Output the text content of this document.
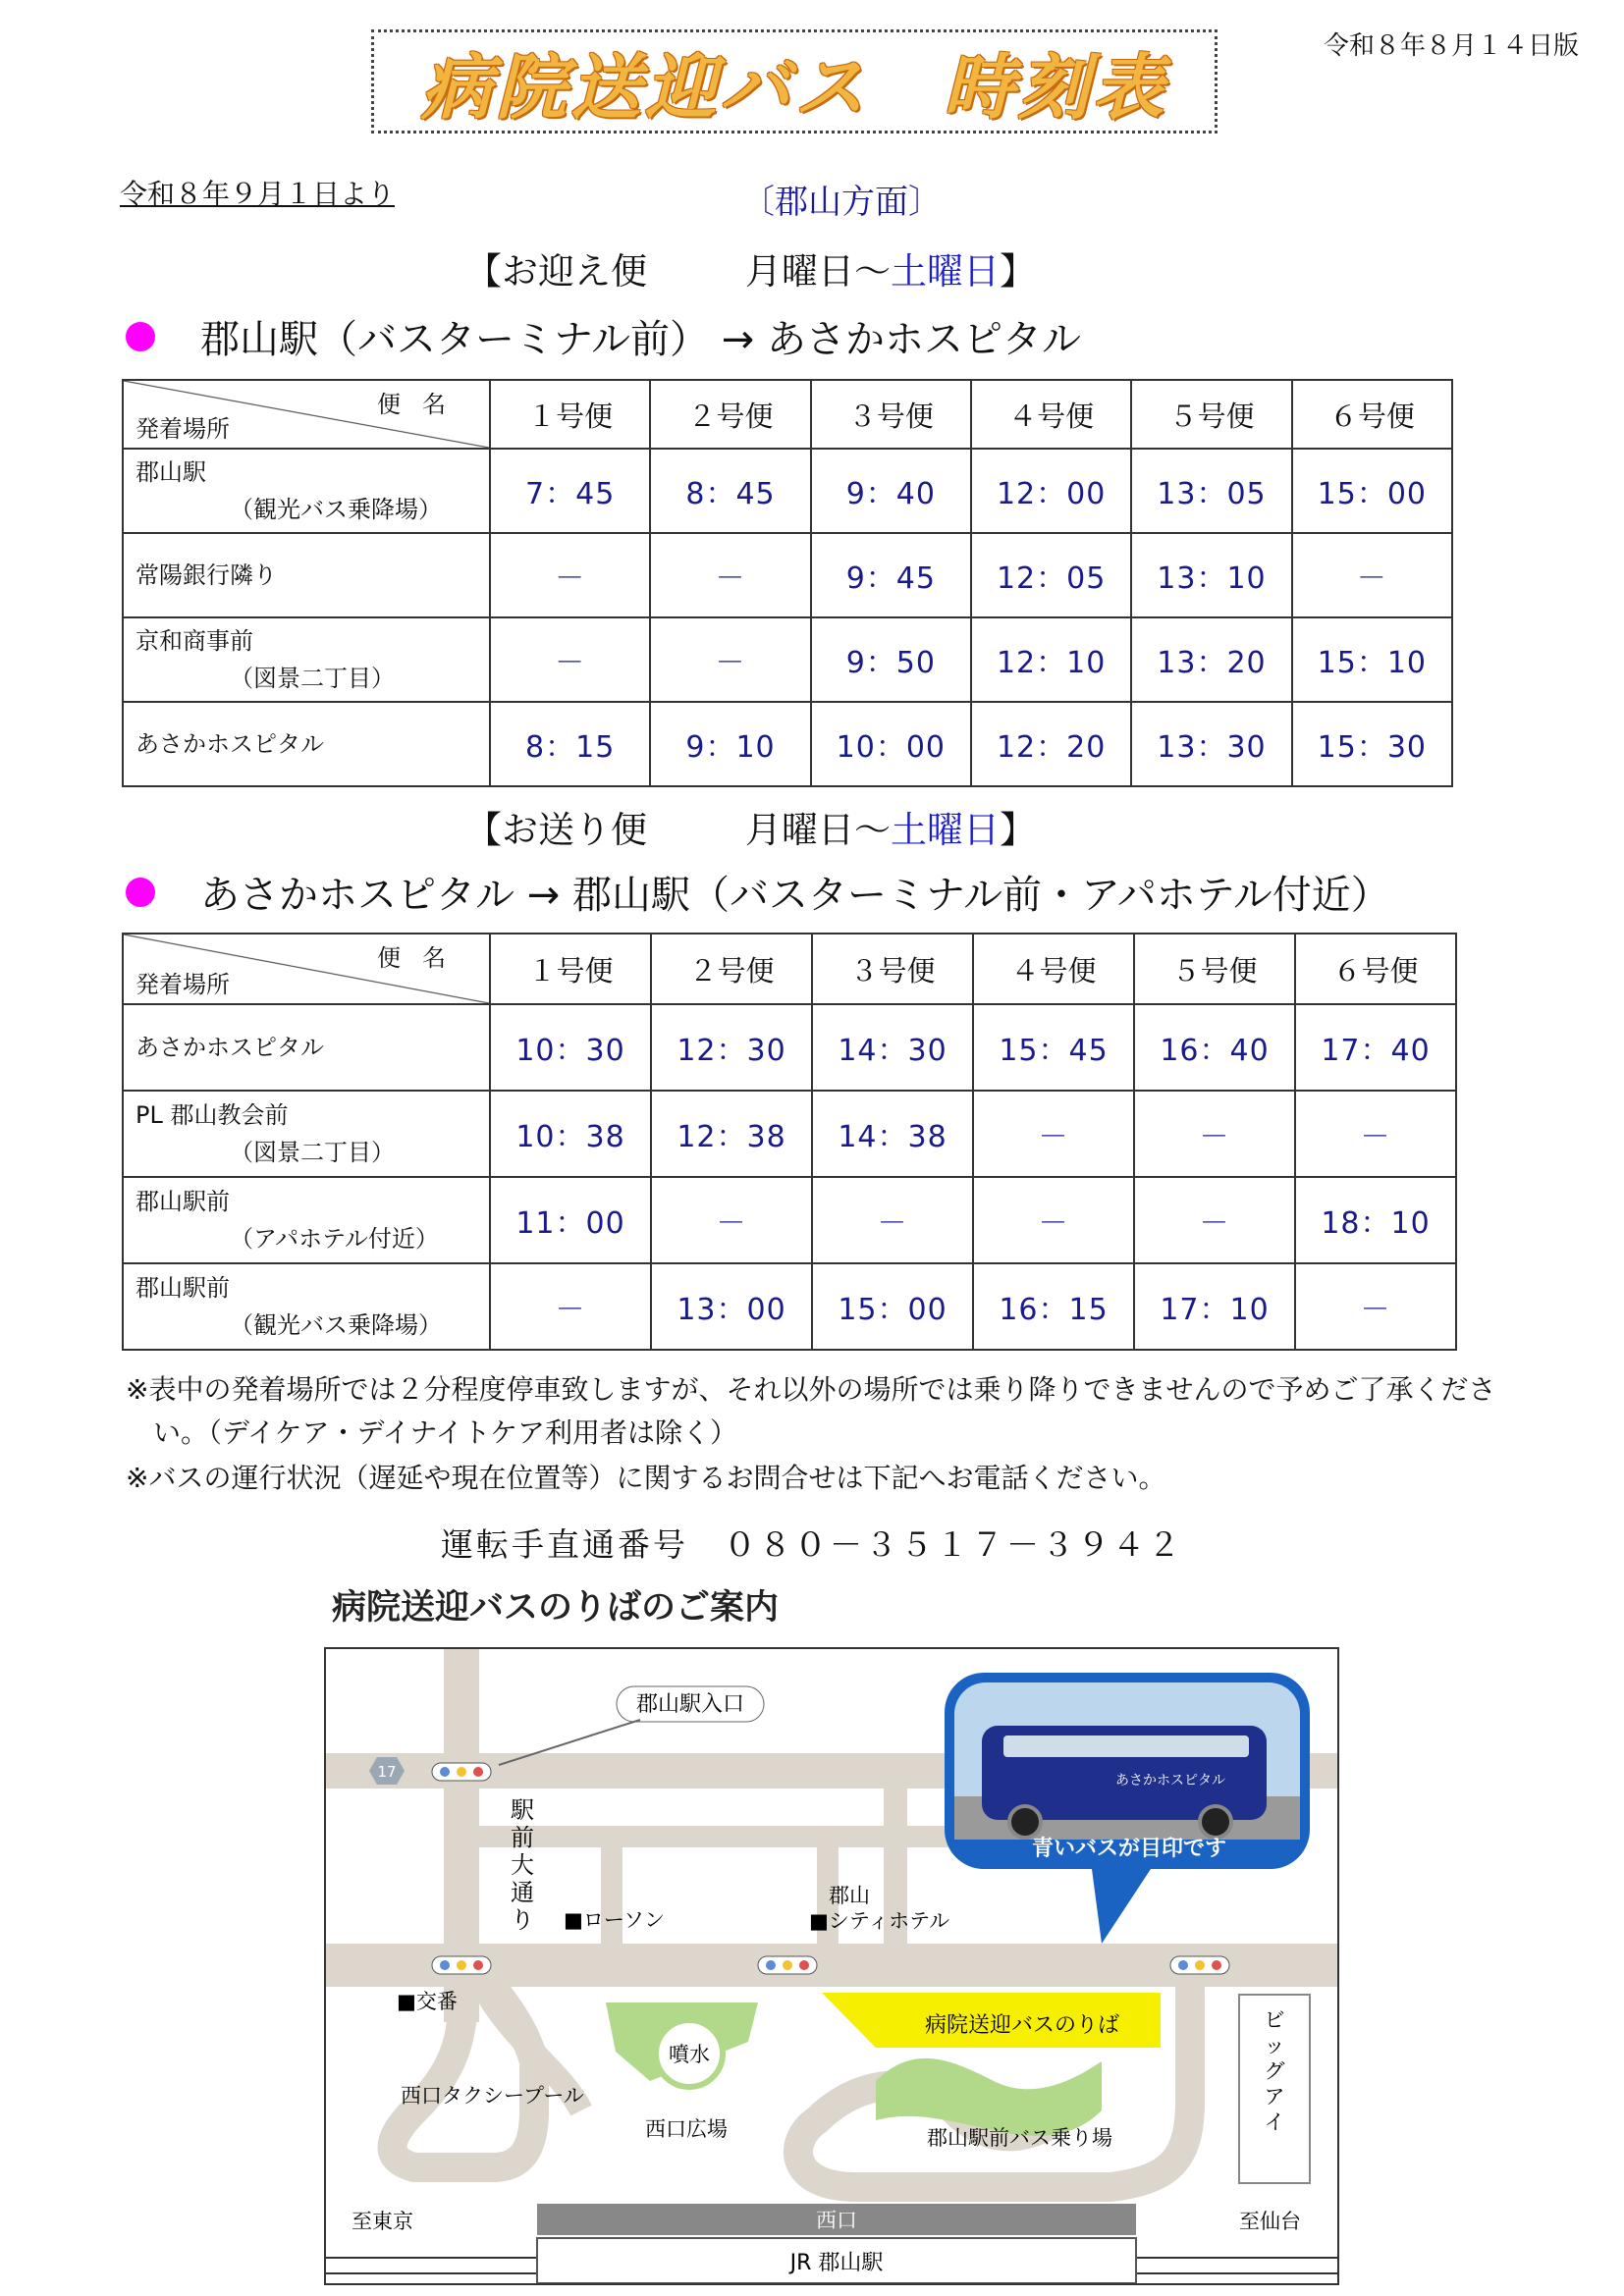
病院送迎バス　時刻表	令和８年８月１４日版
令和８年９月１日より	〔郡山方面〕
【お迎え便	月曜日～土曜日】
郡山駅（バスターミナル前） → あさかホスピタル
便名
発着場所	１号便	２号便	３号便	４号便	５号便	６号便
郡山駅
（観光バス乗降場）	7：45	8：45	9：40	12：00	13：05	15：00
常陽銀行隣り	－	－	9：45	12：05	13：10	－
京和商事前
（図景二丁目）	－	－	9：50	12：10	13：20	15：10
あさかホスピタル	8：15	9：10	10：00	12：20	13：30	15：30
【お送り便	月曜日～土曜日】
あさかホスピタル → 郡山駅（バスターミナル前・アパホテル付近）
便名
発着場所	１号便	２号便	３号便	４号便	５号便	６号便
あさかホスピタル	10：30	12：30	14：30	15：45	16：40	17：40
PL 郡山教会前
（図景二丁目）	10：38	12：38	14：38	－	－	－
郡山駅前
（アパホテル付近）	11：00	－	－	－	－	18：10
郡山駅前
（観光バス乗降場）	－	13：00	15：00	16：15	17：10	－
※表中の発着場所では２分程度停車致しますが、それ以外の場所では乗り降りできませんので予めご了承くださ
い。（デイケア・デイナイトケア利用者は除く）
※バスの運行状況（遅延や現在位置等）に関するお問合せは下記へお電話ください。
運転手直通番号　０８０－３５１７－３９４２
病院送迎バスのりばのご案内
17
郡山駅入口
駅
前
大
通
り ■ローソン
郡山
■シティホテル
■交番
噴水
西口タクシープール
西口広場
病院送迎バスのりば
郡山駅前バス乗り場
ビ
ッ
グ
ア
イ
西口
至東京	至仙台
JR 郡山駅
あさかホスピタル
青いバスが目印です
